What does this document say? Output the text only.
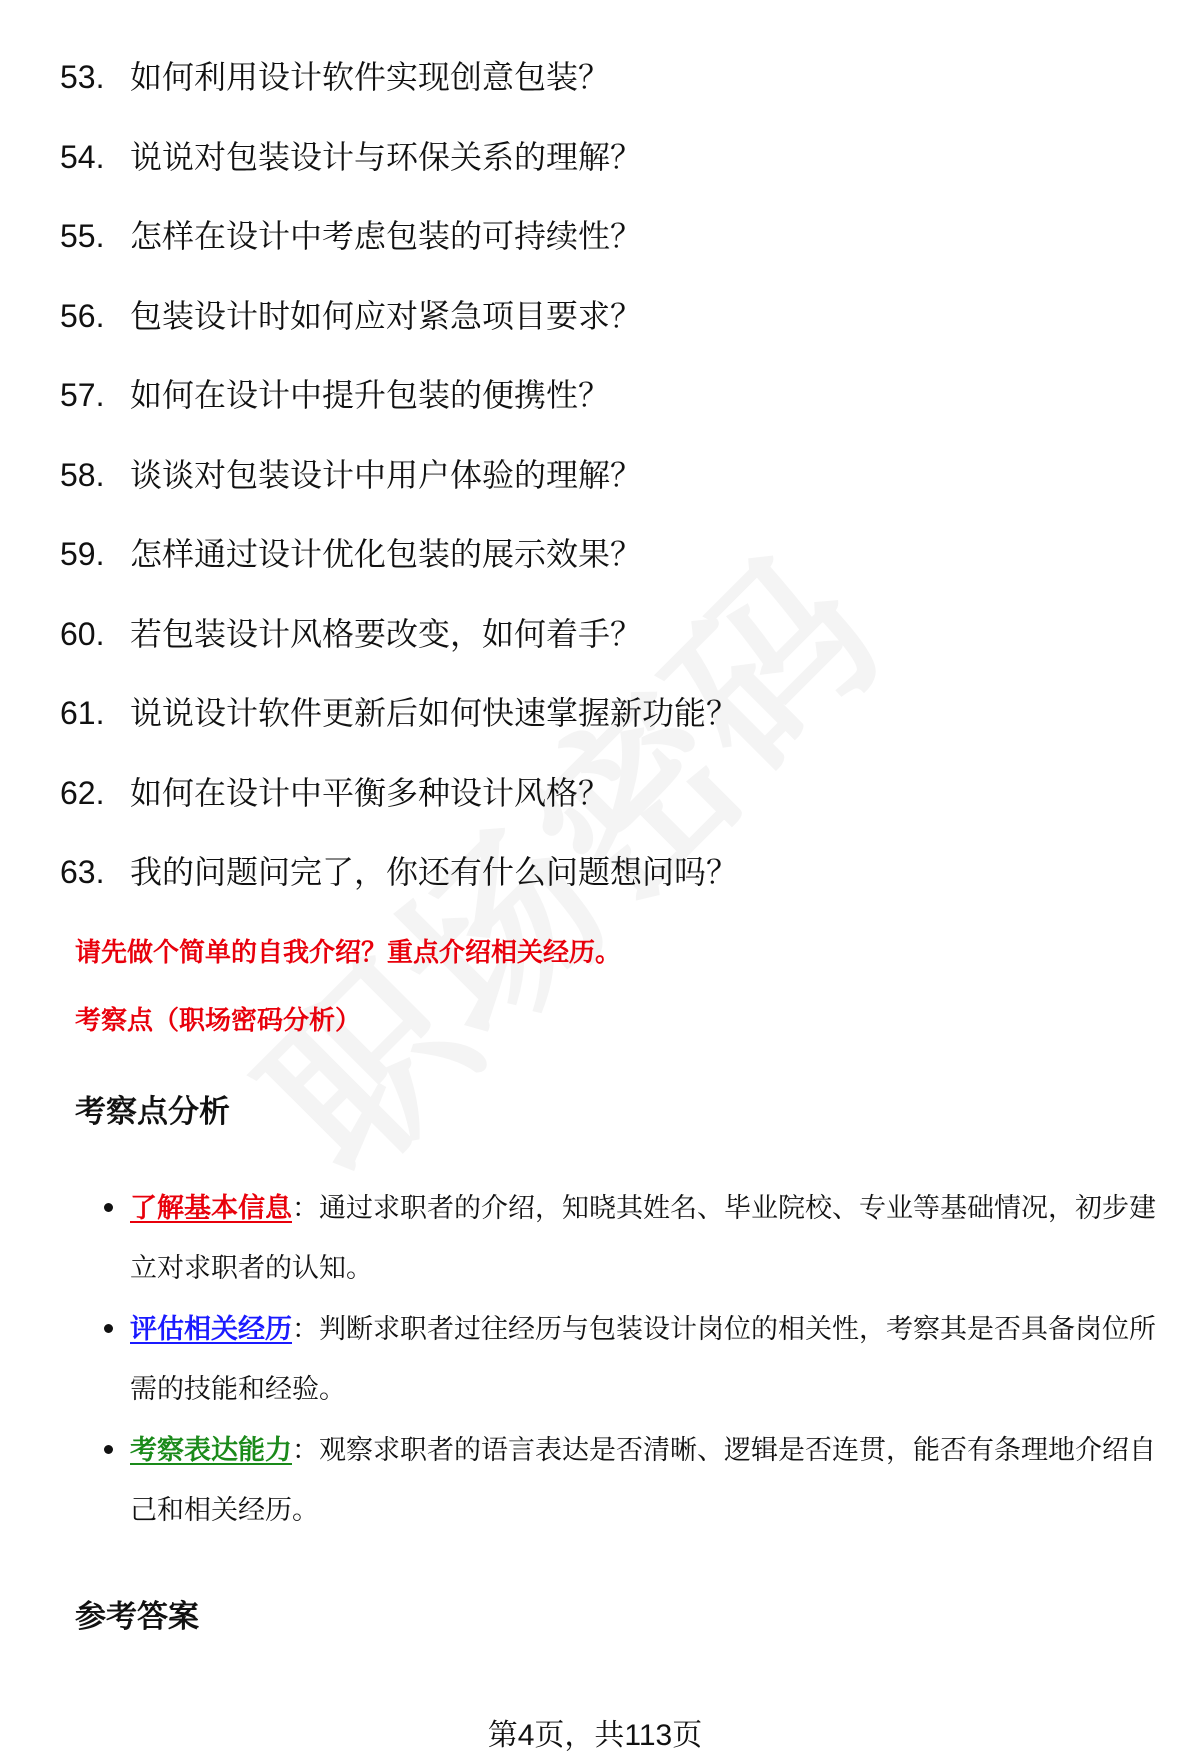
53. 如何利用设计软件实现创意包装？
54. 说说对包装设计与环保关系的理解？
55. 怎样在设计中考虑包装的可持续性？
56. 包装设计时如何应对紧急项目要求？
57. 如何在设计中提升包装的便携性？
58. 谈谈对包装设计中用户体验的理解？
59. 怎样通过设计优化包装的展示效果？
60. 若包装设计风格要改变，如何着手？
61. 说说设计软件更新后如何快速掌握新功能？
62. 如何在设计中平衡多种设计风格？
63. 我的问题问完了，你还有什么问题想问吗？
请先做个简单的自我介绍？重点介绍相关经历。
考察点（职场密码分析）
考察点分析
了解基本信息：通过求职者的介绍，知晓其姓名、毕业院校、专业等基础情况，初步建立对求职者的认知。
评估相关经历：判断求职者过往经历与包装设计岗位的相关性，考察其是否具备岗位所需的技能和经验。
考察表达能力：观察求职者的语言表达是否清晰、逻辑是否连贯，能否有条理地介绍自己和相关经历。
参考答案
第4页，共113页
